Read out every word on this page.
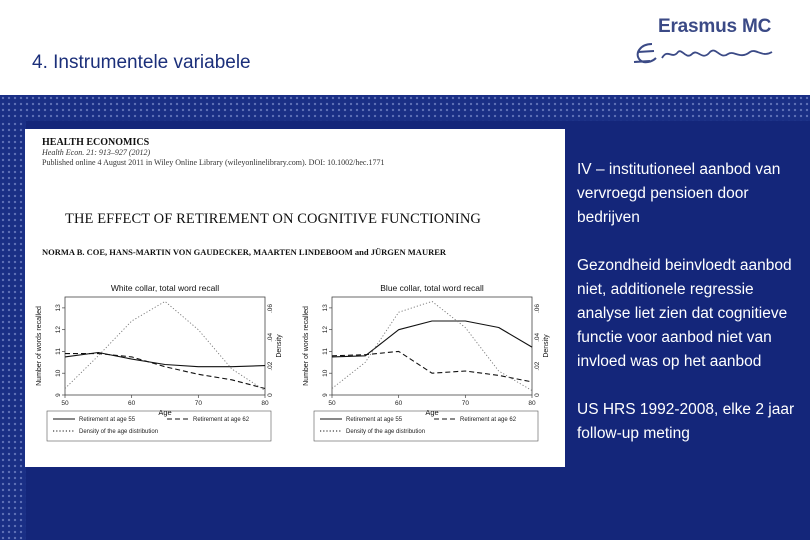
4. Instrumentele variabele
Erasmus MC
HEALTH ECONOMICS
Health Econ. 21: 913–927 (2012)
Published online 4 August 2011 in Wiley Online Library (wileyonlinelibrary.com). DOI: 10.1002/hec.1771
THE EFFECT OF RETIREMENT ON COGNITIVE FUNCTIONING
NORMA B. COE, HANS-MARTIN VON GAUDECKER, MAARTEN LINDEBOOM and JÜRGEN MAURER
White collar, total word recall
50	60	70	80
9
10
11
12
13
0
.02
.04
.06
Age
Number of words recalled	Density
Retirement at age 55	Retirement at age 62
Density of the age distribution
Blue collar, total word recall
50	60	70	80
9
10
11
12
13
0
.02
.04
.06
Age
Number of words recalled	Density
Retirement at age 55	Retirement at age 62
Density of the age distribution
IV – institutioneel aanbod van vervroegd pensioen door bedrijven
Gezondheid beinvloedt aanbod niet, additionele regressie analyse liet zien dat cognitieve functie voor aanbod niet van invloed was op het aanbod
US HRS 1992-2008, elke 2 jaar follow-up meting
